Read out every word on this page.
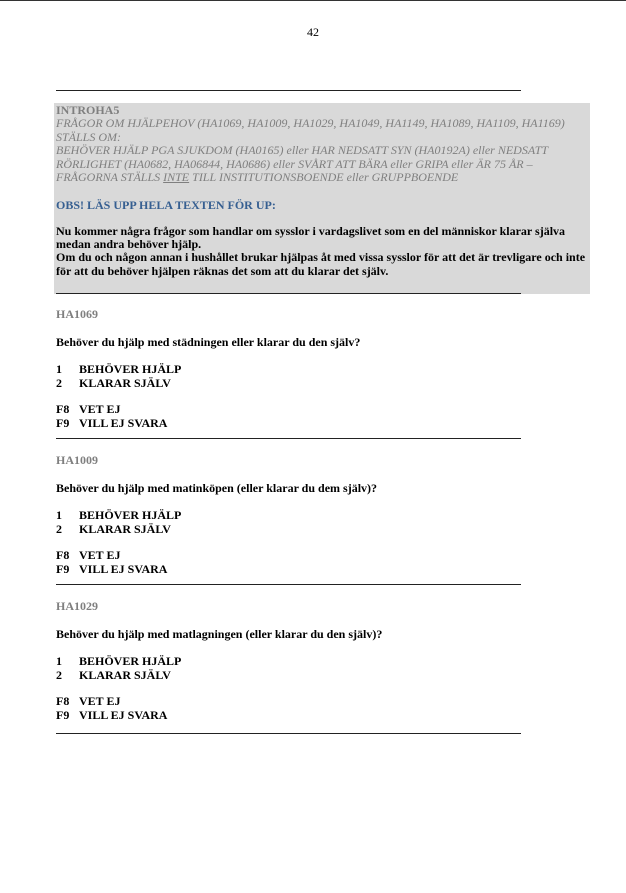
42

INTROHA5

FRÅGOR OM HJÄLPEHOV (HA1069, HA1009, HA1029, HA1049, HA1149, HA1089, HA1109, HA1169)

STÄLLS OM:

BEHÖVER HJÄLP PGA SJUKDOM (HA0165) eller HAR NEDSATT SYN (HA0192A) eller NEDSATT

RÖRLIGHET (HA0682, HA06844, HA0686) eller SVÅRT ATT BÄRA eller GRIPA eller ÄR 75 ÅR –

FRÅGORNA STÄLLS INTE TILL INSTITUTIONSBOENDE eller GRUPPBOENDE

OBS! LÄS UPP HELA TEXTEN FÖR UP:

Nu kommer några frågor som handlar om sysslor i vardagslivet som en del människor klarar själva
medan andra behöver hjälp.
Om du och någon annan i hushållet brukar hjälpas åt med vissa sysslor för att det är trevligare och inte
för att du behöver hjälpen räknas det som att du klarar det själv.

HA1069

Behöver du hjälp med städningen eller klarar du den själv?

1	BEHÖVER HJÄLP
2	KLARAR SJÄLV
F8 VET EJ
F9 VILL EJ SVARA

HA1009

Behöver du hjälp med matinköpen (eller klarar du dem själv)?

1	BEHÖVER HJÄLP
2	KLARAR SJÄLV
F8 VET EJ
F9 VILL EJ SVARA

HA1029

Behöver du hjälp med matlagningen (eller klarar du den själv)?

1	BEHÖVER HJÄLP
2	KLARAR SJÄLV
F8 VET EJ
F9 VILL EJ SVARA
